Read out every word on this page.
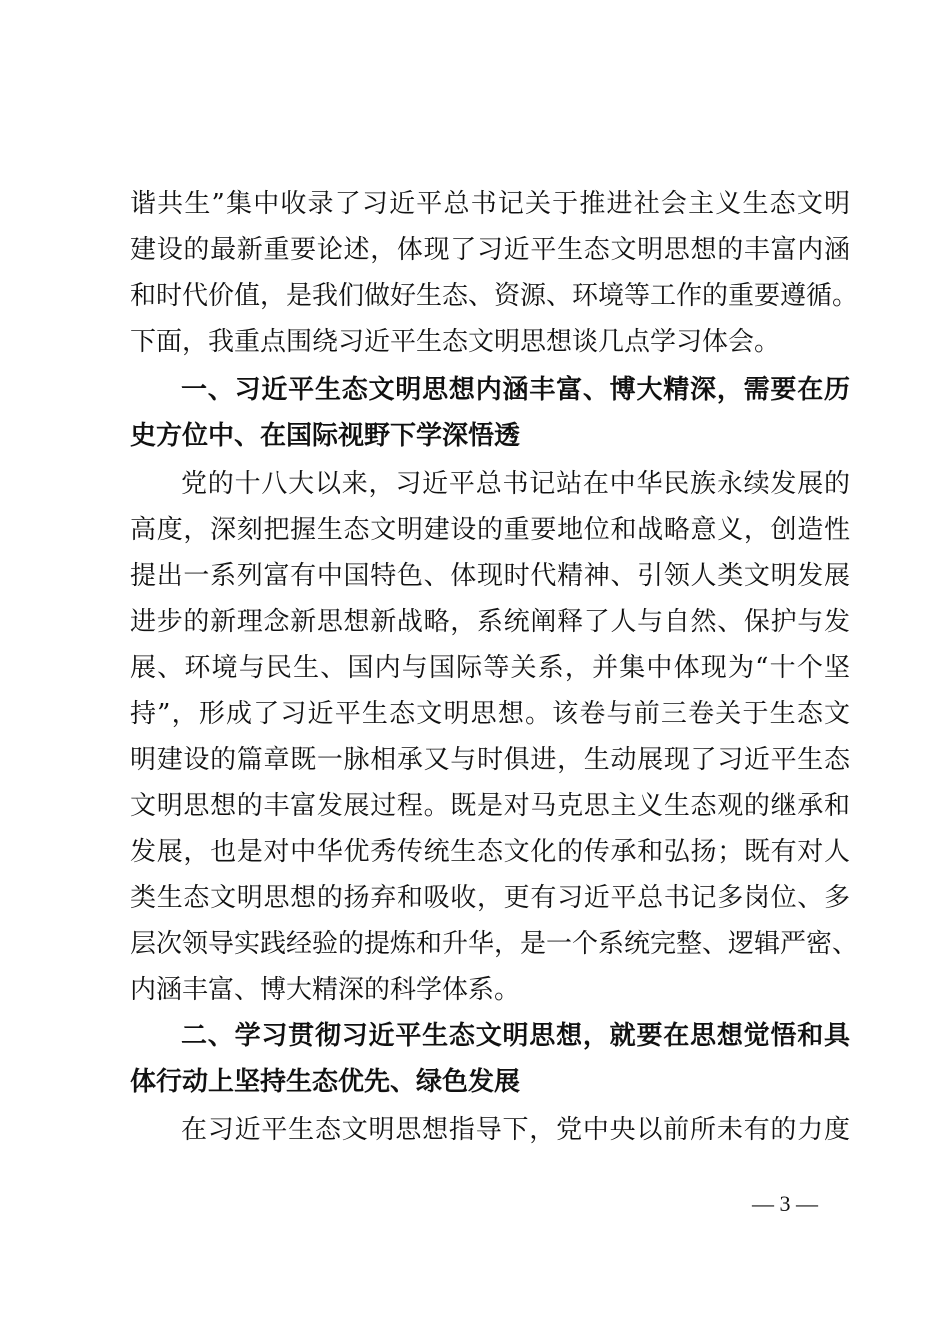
谐共生”集中收录了习近平总书记关于推进社会主义生态文明
建设的最新重要论述，体现了习近平生态文明思想的丰富内涵
和时代价值，是我们做好生态、资源、环境等工作的重要遵循。
下面，我重点围绕习近平生态文明思想谈几点学习体会。
一、习近平生态文明思想内涵丰富、博大精深，需要在历
史方位中、在国际视野下学深悟透
党的十八大以来，习近平总书记站在中华民族永续发展的
高度，深刻把握生态文明建设的重要地位和战略意义，创造性
提出一系列富有中国特色、体现时代精神、引领人类文明发展
进步的新理念新思想新战略，系统阐释了人与自然、保护与发
展、环境与民生、国内与国际等关系，并集中体现为“十个坚
持”，形成了习近平生态文明思想。该卷与前三卷关于生态文
明建设的篇章既一脉相承又与时俱进，生动展现了习近平生态
文明思想的丰富发展过程。既是对马克思主义生态观的继承和
发展，也是对中华优秀传统生态文化的传承和弘扬；既有对人
类生态文明思想的扬弃和吸收，更有习近平总书记多岗位、多
层次领导实践经验的提炼和升华，是一个系统完整、逻辑严密、
内涵丰富、博大精深的科学体系。
二、学习贯彻习近平生态文明思想，就要在思想觉悟和具
体行动上坚持生态优先、绿色发展
在习近平生态文明思想指导下，党中央以前所未有的力度
— 3 —
